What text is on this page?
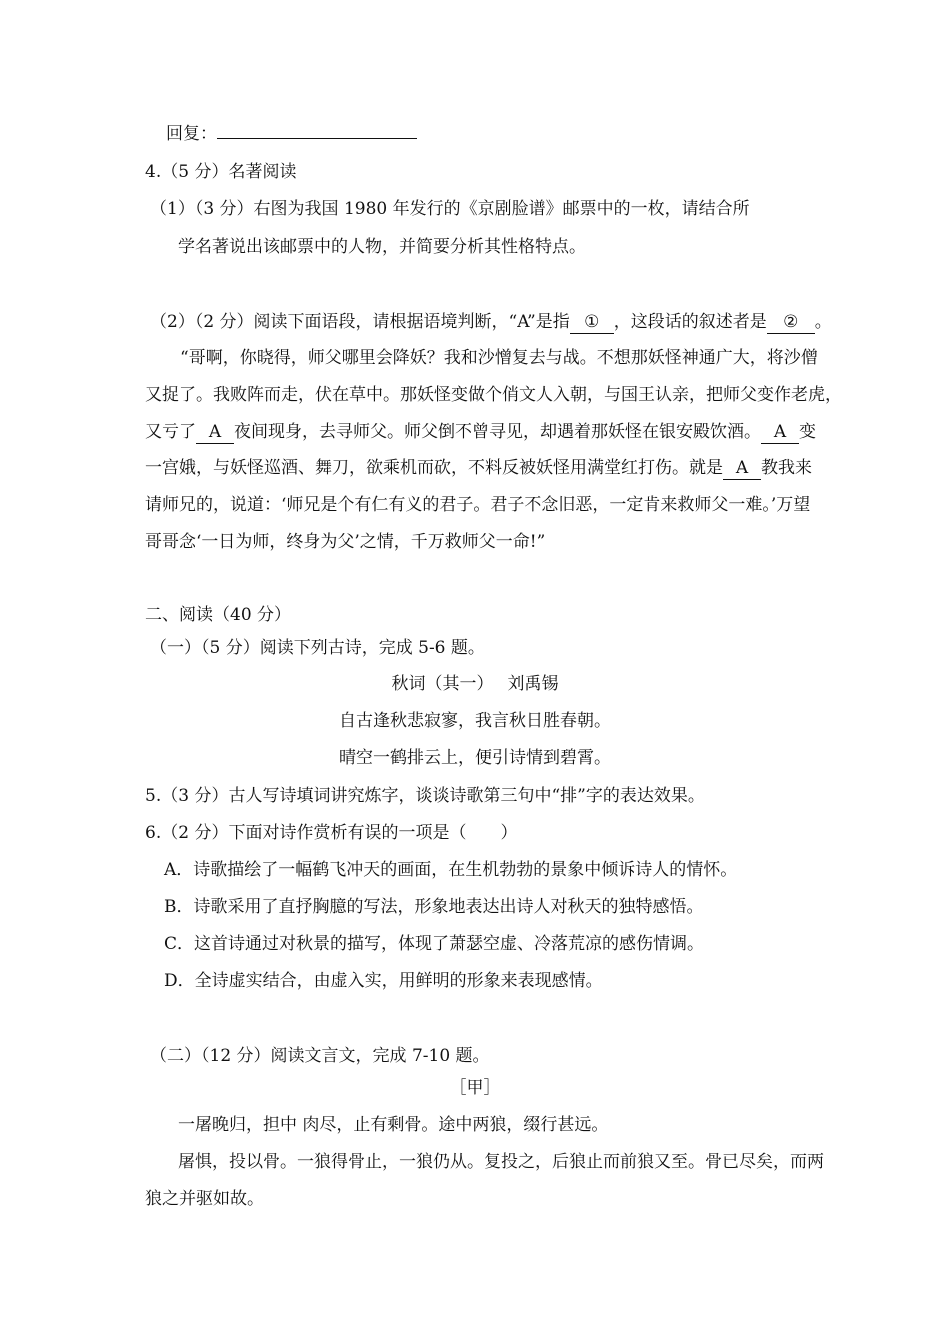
回复：
4.（5 分）名著阅读
（1）（3 分）右图为我国 1980 年发行的《京剧脸谱》邮票中的一枚，请结合所
学名著说出该邮票中的人物，并简要分析其性格特点。
（2）（2 分）阅读下面语段，请根据语境判断，“A”是指 ① ，这段话的叙述者是 ② 。
“哥啊，你晓得，师父哪里会降妖？我和沙憎复去与战。不想那妖怪神通广大，将沙僧
又捉了。我败阵而走，伏在草中。那妖怪变做个俏文人入朝，与国王认亲，把师父变作老虎，
又亏了 A 夜间现身，去寻师父。师父倒不曾寻见，却遇着那妖怪在银安殿饮酒。 A 变
一宫娥，与妖怪巡酒、舞刀，欲乘机而砍，不料反被妖怪用满堂红打伤。就是 A 教我来
请师兄的，说道：‘师兄是个有仁有义的君子。君子不念旧恶，一定肯来救师父一难。’万望
哥哥念‘一日为师，终身为父’之情，千万救师父一命!”
二、阅读（40 分）
（一）（5 分）阅读下列古诗，完成 5-6 题。
秋词（其一）　 刘禹锡
自古逢秋悲寂寥，我言秋日胜春朝。
晴空一鹤排云上，便引诗情到碧霄。
5.（3 分）古人写诗填词讲究炼字，谈谈诗歌第三句中“排”字的表达效果。
6.（2 分）下面对诗作赏析有误的一项是（　　）
A．诗歌描绘了一幅鹤飞冲天的画面，在生机勃勃的景象中倾诉诗人的情怀。
B．诗歌采用了直抒胸臆的写法，形象地表达出诗人对秋天的独特感悟。
C．这首诗通过对秋景的描写，体现了萧瑟空虚、冷落荒凉的感伤情调。
D．全诗虚实结合，由虚入实，用鲜明的形象来表现感情。
（二）（12 分）阅读文言文，完成 7-10 题。
［甲］
一屠晚归，担中 肉尽，止有剩骨。途中两狼，缀行甚远。
屠惧，投以骨。一狼得骨止，一狼仍从。复投之，后狼止而前狼又至。骨已尽矣，而两
狼之并驱如故。
